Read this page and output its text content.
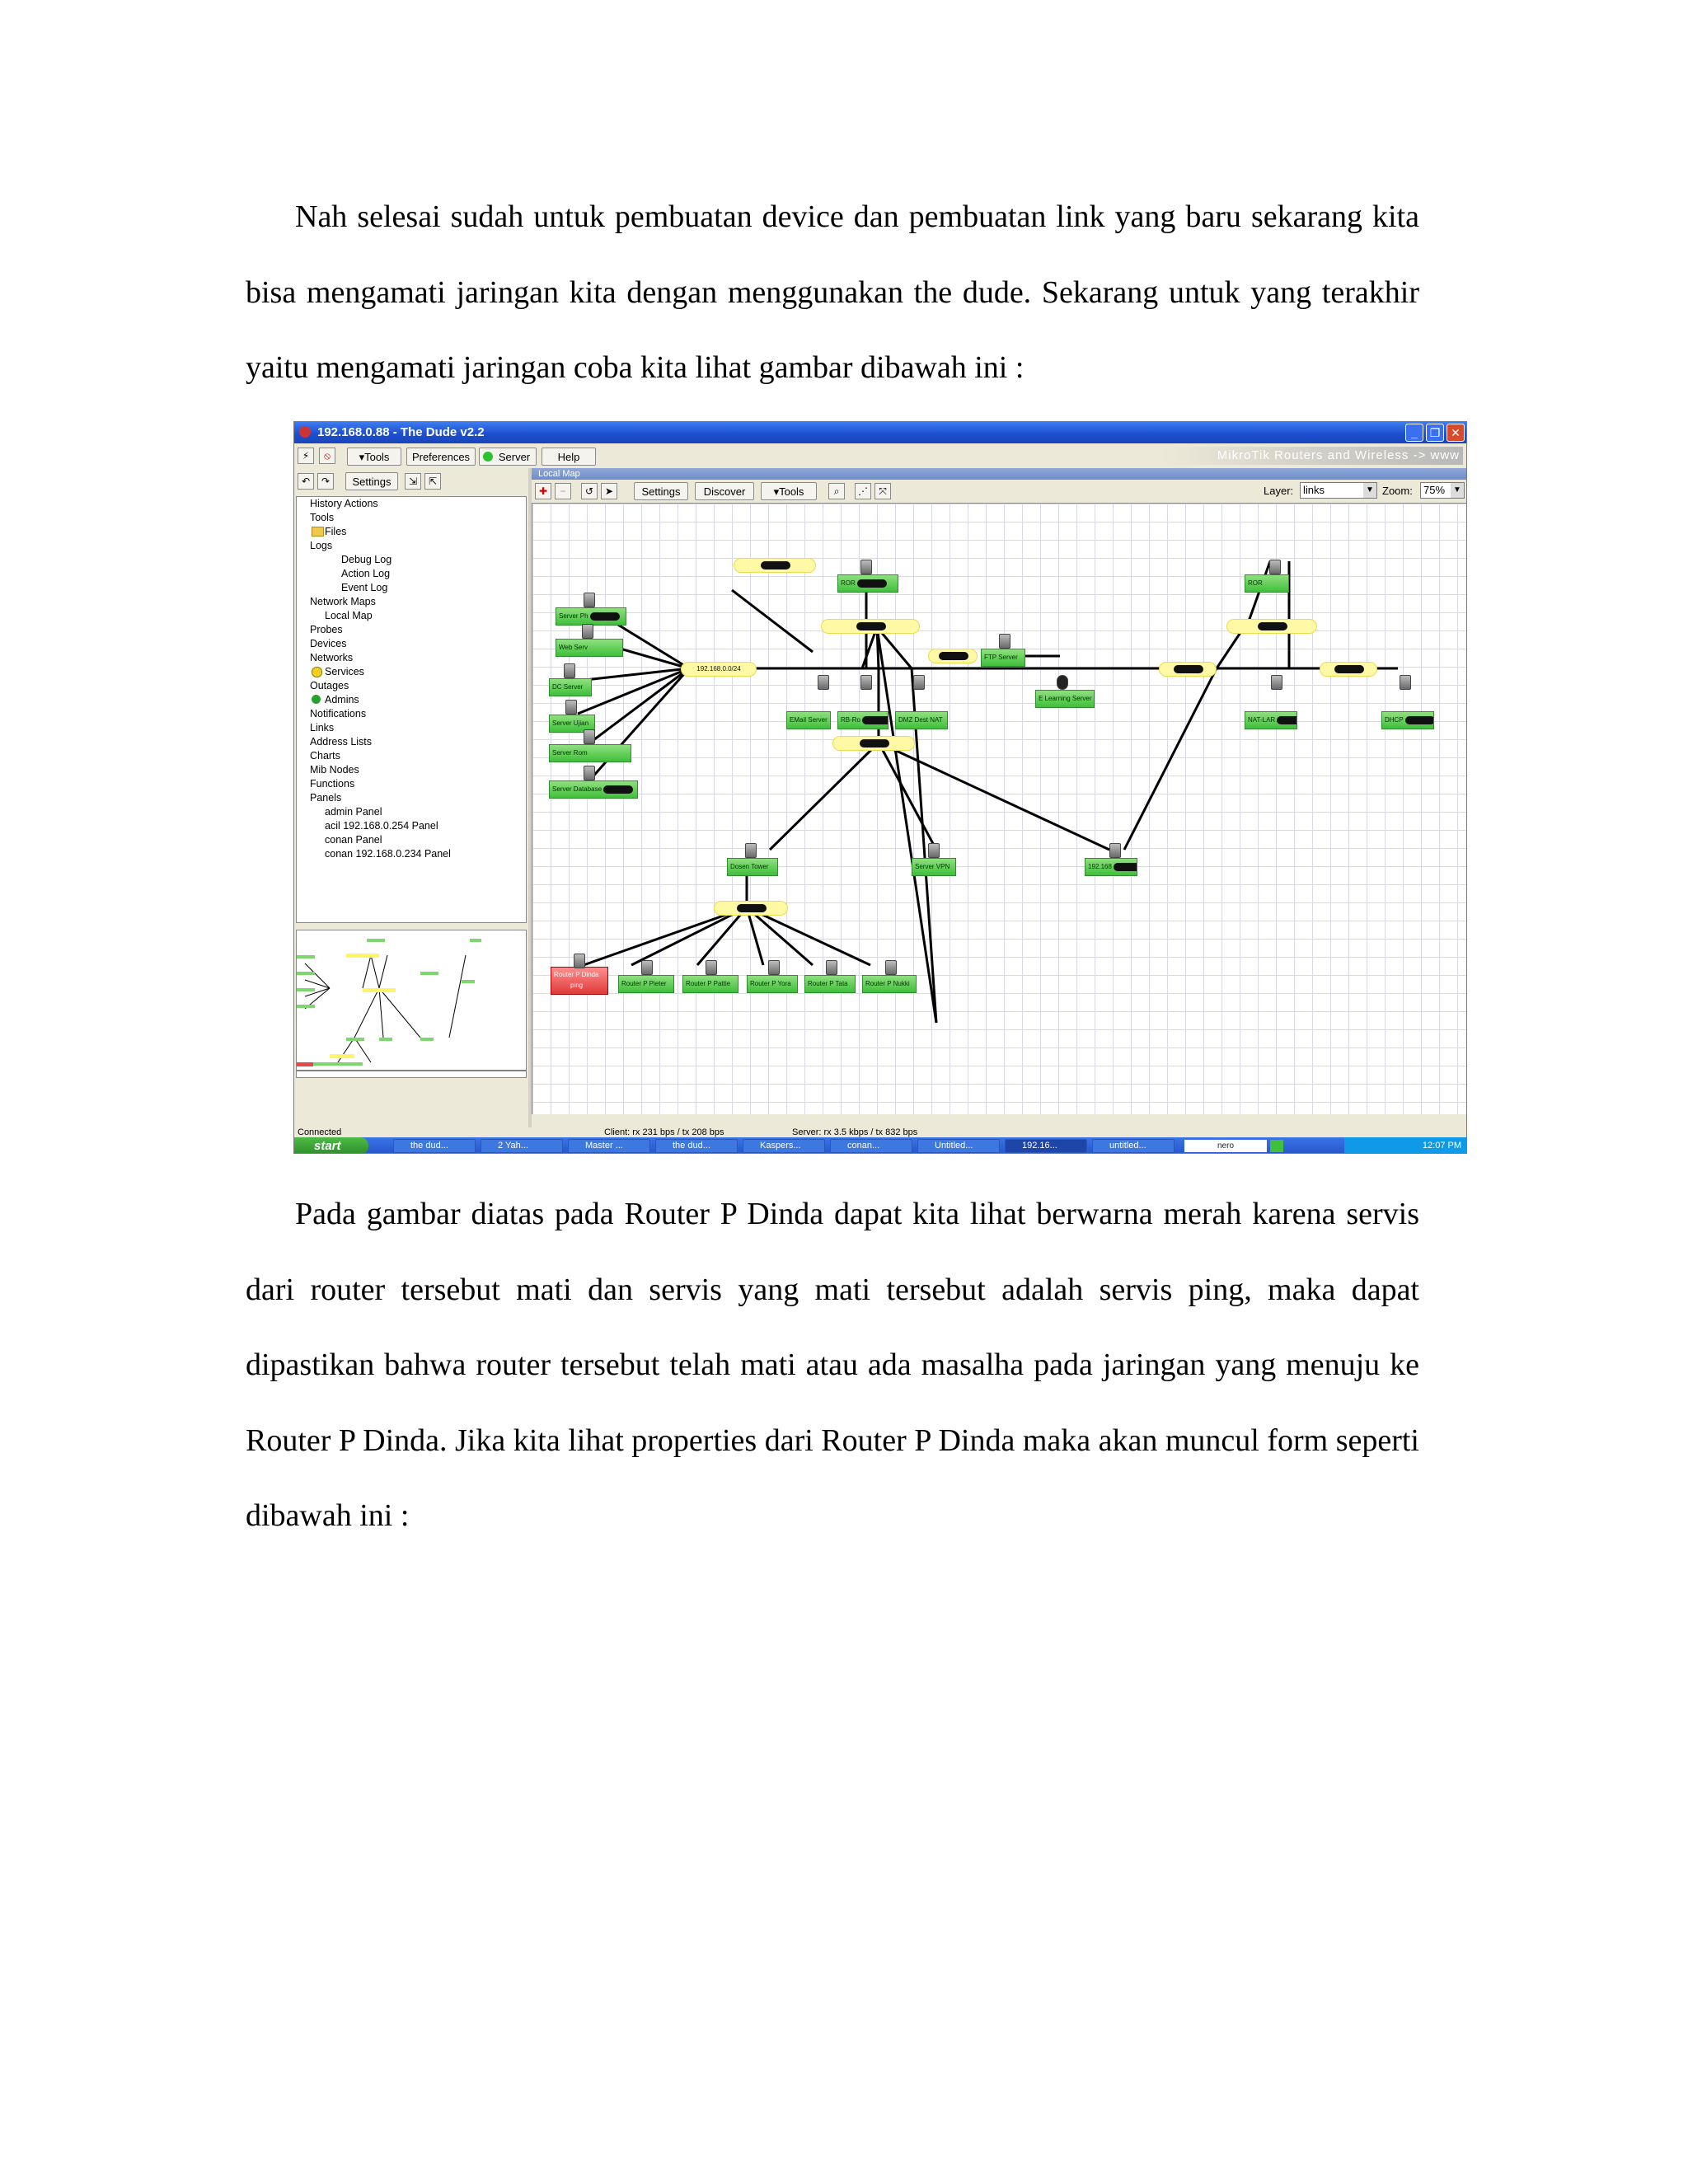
Nah selesai sudah untuk pembuatan device dan pembuatan link yang baru sekarang kita bisa mengamati jaringan kita dengan menggunakan the dude. Sekarang untuk yang terakhir yaitu mengamati jaringan coba kita lihat gambar dibawah ini :

192.168.0.88 - The Dude v2.2	_	❐ ✕
⚡	⦸	▾Tools	Preferences	Server	Help	MikroTik Routers and Wireless -> www
↶	↷	Settings	⇲	⇱
History Actions
Tools
Files
Logs
Debug Log
Action Log
Event Log
Network Maps
Local Map
Probes
Devices
Networks
Services
Outages
Admins
Notifications
Links
Address Lists
Charts
Mib Nodes
Functions
Panels
admin Panel
acil 192.168.0.254 Panel
conan Panel
conan 192.168.0.234 Panel
Local Map
✚	−	↺	➤	Settings	Discover	▾Tools	⌕	⋰	⤧	Layer: links	▼ Zoom:	75%	▼
192.168.0.0/24
Server Ph
Web Serv
DC Server
Server Ujian
Server Rom
Server Database
ROR	ROR
FTP Server
E Learning Server
EMail Server	RB-Ro	DMZ Dest NAT	NAT-LAR	DHCP
Dosen Tower	Server VPN	192.168
Router P Dinda
ping	Router P Pieter	Router P Pattie	Router P Yora	Router P Tata	Router P Nukki
Connected	Client: rx 231 bps / tx 208 bps	Server: rx 3.5 kbps / tx 832 bps
start	the dud...	2 Yah...	Master ...	the dud...	Kaspers...	conan...	Untitled...	192.16...	untitled...	nero	12:07 PM

Pada gambar diatas pada Router P Dinda dapat kita lihat berwarna merah karena servis dari router tersebut mati dan servis yang mati tersebut adalah servis ping, maka dapat dipastikan bahwa router tersebut telah mati atau ada masalha pada jaringan yang menuju ke Router P Dinda. Jika kita lihat properties dari Router P Dinda maka akan muncul form seperti dibawah ini :
